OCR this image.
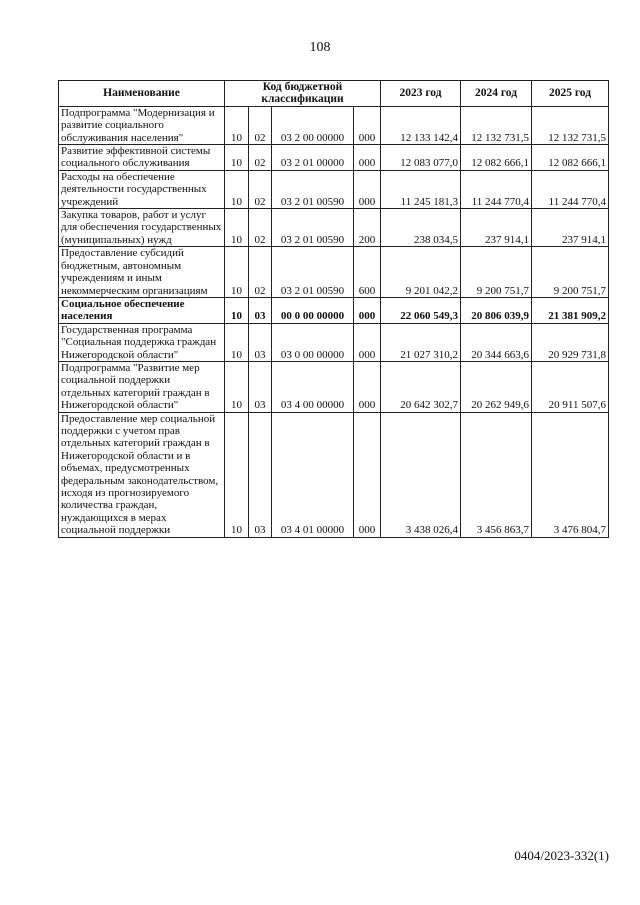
108
Наименование	Код бюджетной классификации				2023 год	2024 год	2025 год
Подпрограмма "Модернизация и развитие социального обслуживания населения"	10	02	03 2 00 00000	000	12 133 142,4	12 132 731,5	12 132 731,5
Развитие эффективной системы социального обслуживания	10	02	03 2 01 00000	000	12 083 077,0	12 082 666,1	12 082 666,1
Расходы на обеспечение деятельности государственных учреждений	10	02	03 2 01 00590	000	11 245 181,3	11 244 770,4	11 244 770,4
Закупка товаров, работ и услуг для обеспечения государственных (муниципальных) нужд	10	02	03 2 01 00590	200	238 034,5	237 914,1	237 914,1
Предоставление субсидий бюджетным, автономным учреждениям и иным некоммерческим организациям	10	02	03 2 01 00590	600	9 201 042,2	9 200 751,7	9 200 751,7
Социальное обеспечение населения	10	03	00 0 00 00000	000	22 060 549,3	20 806 039,9	21 381 909,2
Государственная программа "Социальная поддержка граждан Нижегородской области"	10	03	03 0 00 00000	000	21 027 310,2	20 344 663,6	20 929 731,8
Подпрограмма "Развитие мер социальной поддержки отдельных категорий граждан в Нижегородской области"	10	03	03 4 00 00000	000	20 642 302,7	20 262 949,6	20 911 507,6
Предоставление мер социальной поддержки с учетом прав отдельных категорий граждан в Нижегородской области и в объемах, предусмотренных федеральным законодательством, исходя из прогнозируемого количества граждан, нуждающихся в мерах социальной поддержки	10	03	03 4 01 00000	000	3 438 026,4	3 456 863,7	3 476 804,7
0404/2023-332(1)
